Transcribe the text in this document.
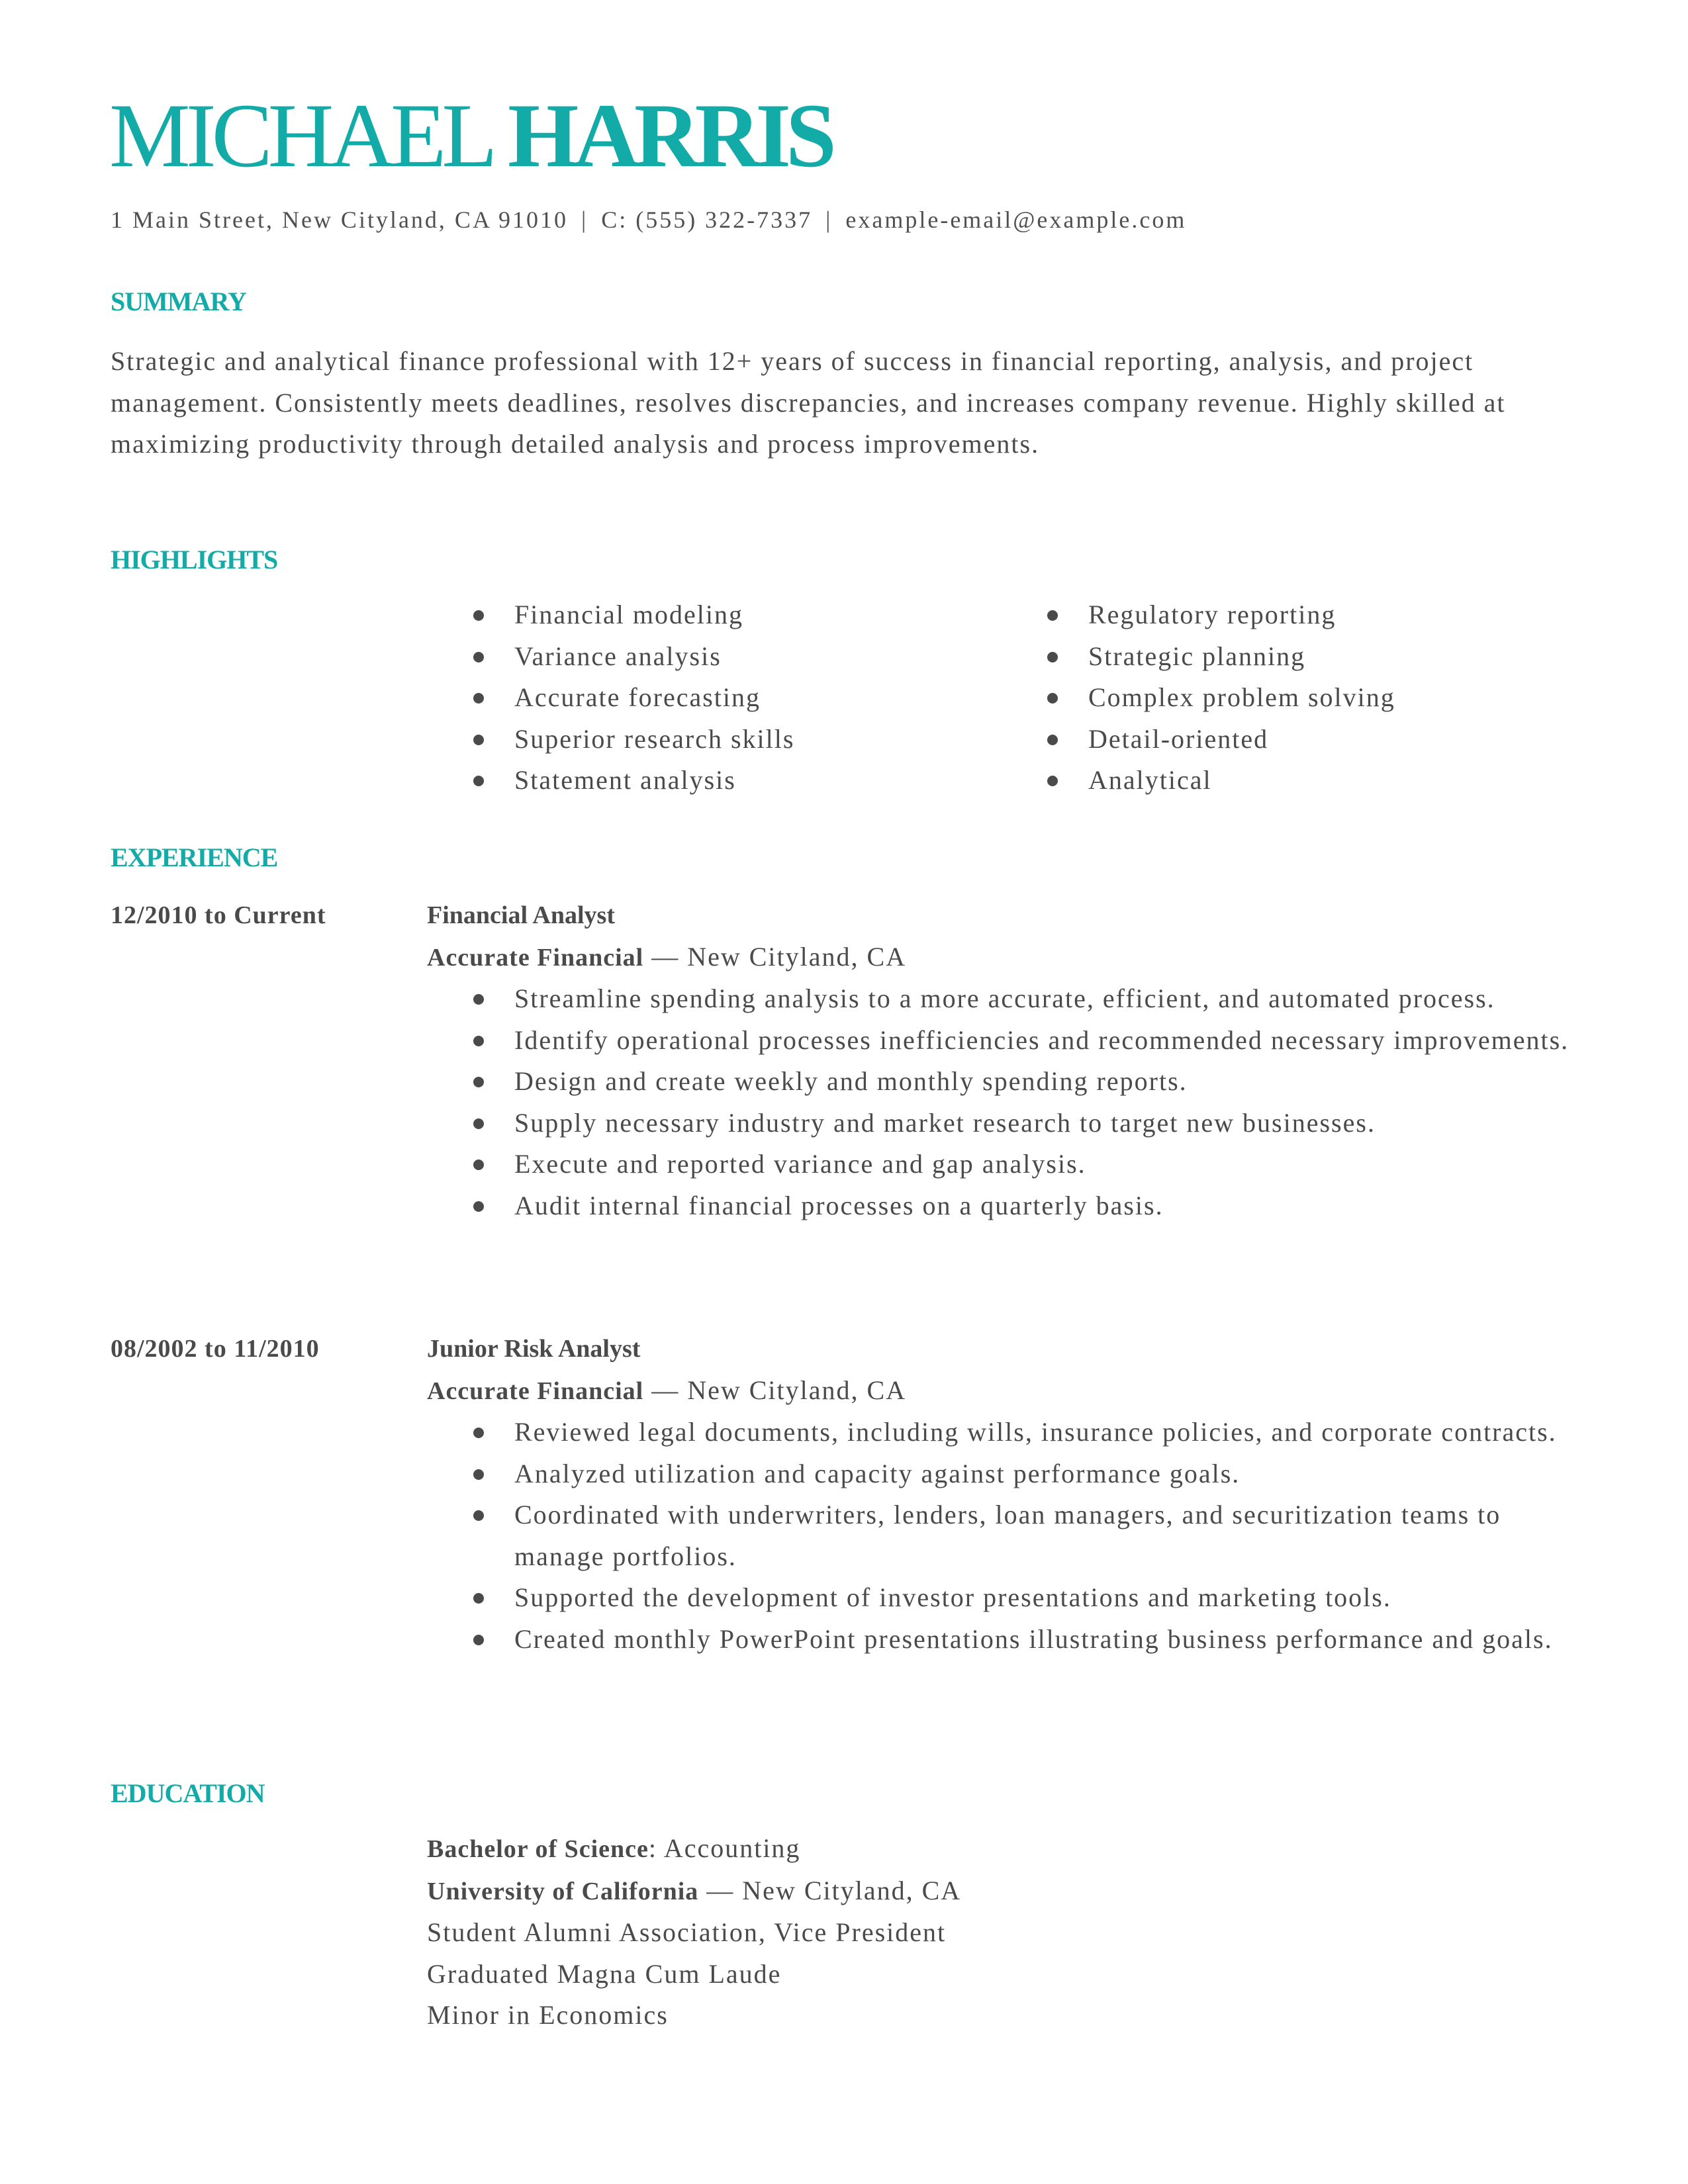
MICHAEL HARRIS
1 Main Street, New Cityland, CA 91010 | C: (555) 322-7337 | example-email@example.com
SUMMARY
Strategic and analytical finance professional with 12+ years of success in financial reporting, analysis, and project management. Consistently meets deadlines, resolves discrepancies, and increases company revenue. Highly skilled at maximizing productivity through detailed analysis and process improvements.
HIGHLIGHTS
Financial modeling
Variance analysis
Accurate forecasting
Superior research skills
Statement analysis
Regulatory reporting
Strategic planning
Complex problem solving
Detail-oriented
Analytical
EXPERIENCE
12/2010 to Current	Financial Analyst
Accurate Financial — New Cityland, CA
Streamline spending analysis to a more accurate, efficient, and automated process.
Identify operational processes inefficiencies and recommended necessary improvements.
Design and create weekly and monthly spending reports.
Supply necessary industry and market research to target new businesses.
Execute and reported variance and gap analysis.
Audit internal financial processes on a quarterly basis.
08/2002 to 11/2010	Junior Risk Analyst
Accurate Financial — New Cityland, CA
Reviewed legal documents, including wills, insurance policies, and corporate contracts.
Analyzed utilization and capacity against performance goals.
Coordinated with underwriters, lenders, loan managers, and securitization teams to manage portfolios.
Supported the development of investor presentations and marketing tools.
Created monthly PowerPoint presentations illustrating business performance and goals.
EDUCATION
Bachelor of Science: Accounting
University of California — New Cityland, CA
Student Alumni Association, Vice President
Graduated Magna Cum Laude
Minor in Economics
